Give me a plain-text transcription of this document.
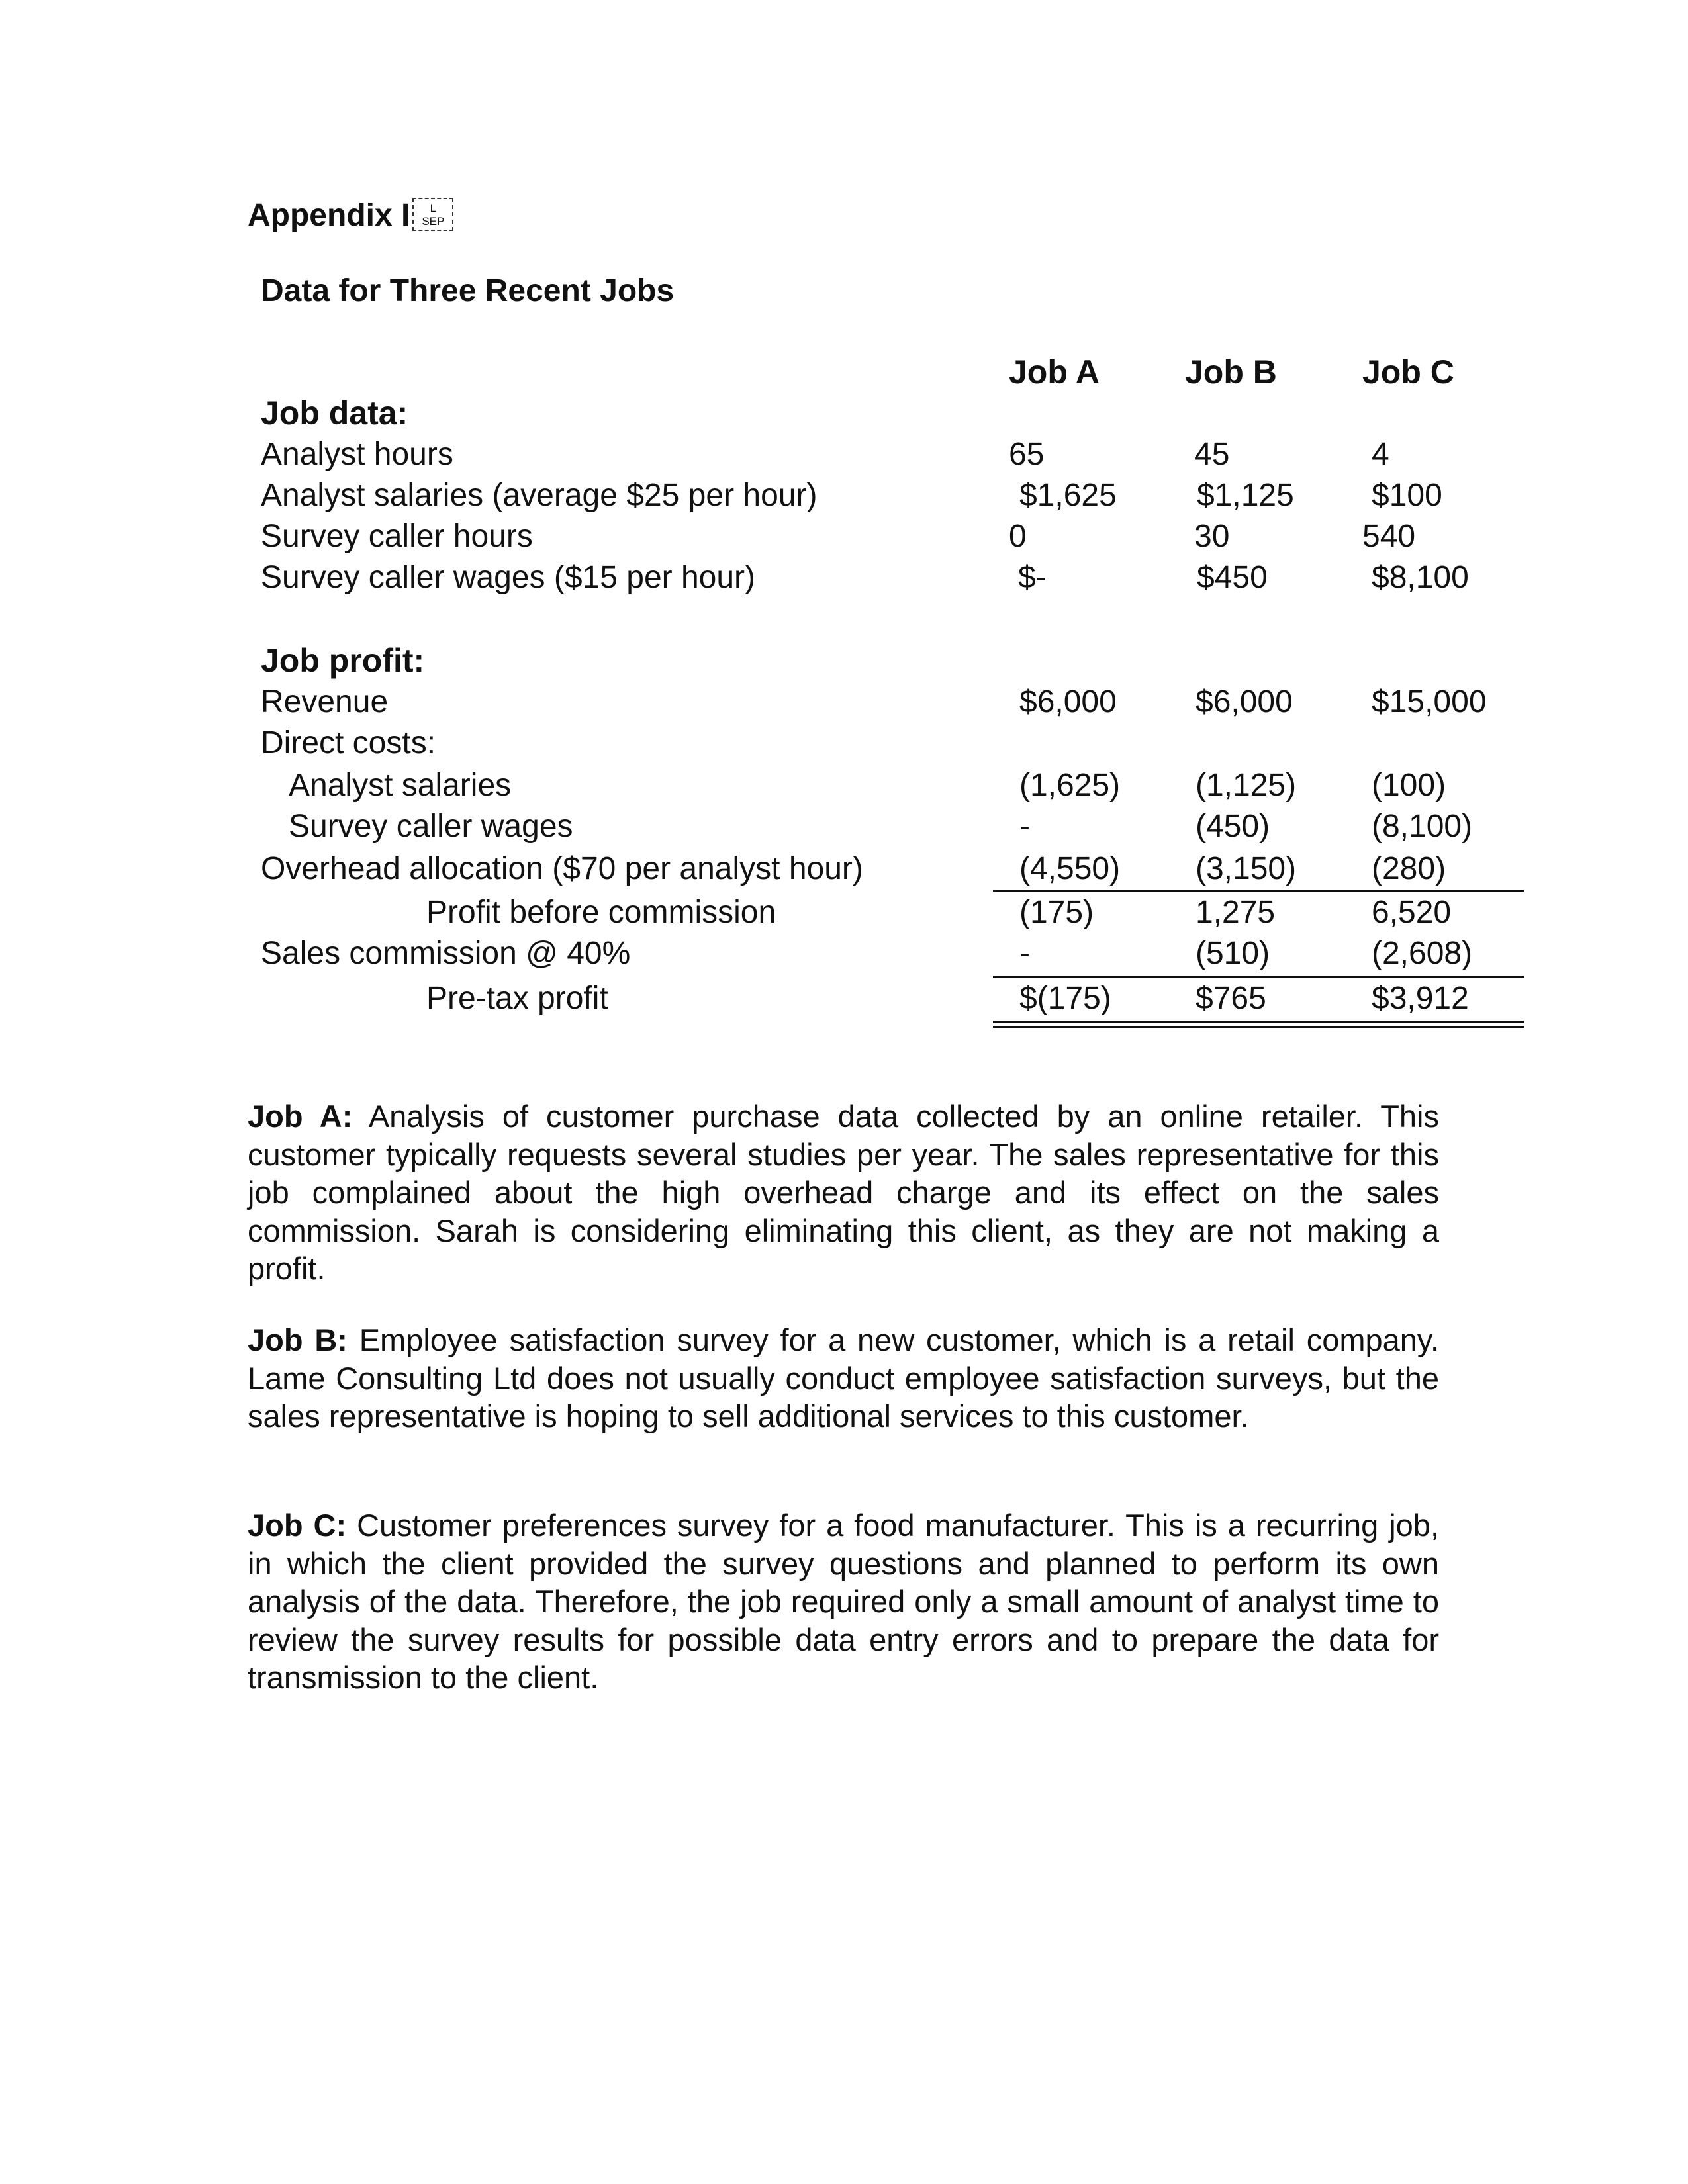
Appendix I L
SEP
Data for Three Recent Jobs
Job A	Job B	Job C
Job data:
Analyst hours	65	45	4
Analyst salaries (average $25 per hour)	$1,625	$1,125 $100
Survey caller hours	0	30	540
Survey caller wages ($15 per hour)	$-	$450	$8,100
Job profit:
Revenue	$6,000 $6,000 $15,000
Direct costs:
Analyst salaries	(1,625) (1,125) (100)
Survey caller wages	-	(450)	(8,100)
Overhead allocation ($70 per analyst hour)	(4,550) (3,150) (280)
Profit before commission	(175)	1,275	6,520
Sales commission @ 40%	-	(510)	(2,608)
Pre-tax profit	$(175)	$765	$3,912
Job A: Analysis of customer purchase data collected by an online retailer. This customer typically requests several studies per year. The sales representative for this job complained about the high overhead charge and its effect on the sales commission. Sarah is considering eliminating this client, as they are not making a profit.
Job B: Employee satisfaction survey for a new customer, which is a retail company. Lame Consulting Ltd does not usually conduct employee satisfaction surveys, but the sales representative is hoping to sell additional services to this customer.
Job C: Customer preferences survey for a food manufacturer. This is a recurring job, in which the client provided the survey questions and planned to perform its own analysis of the data. Therefore, the job required only a small amount of analyst time to review the survey results for possible data entry errors and to prepare the data for transmission to the client.
